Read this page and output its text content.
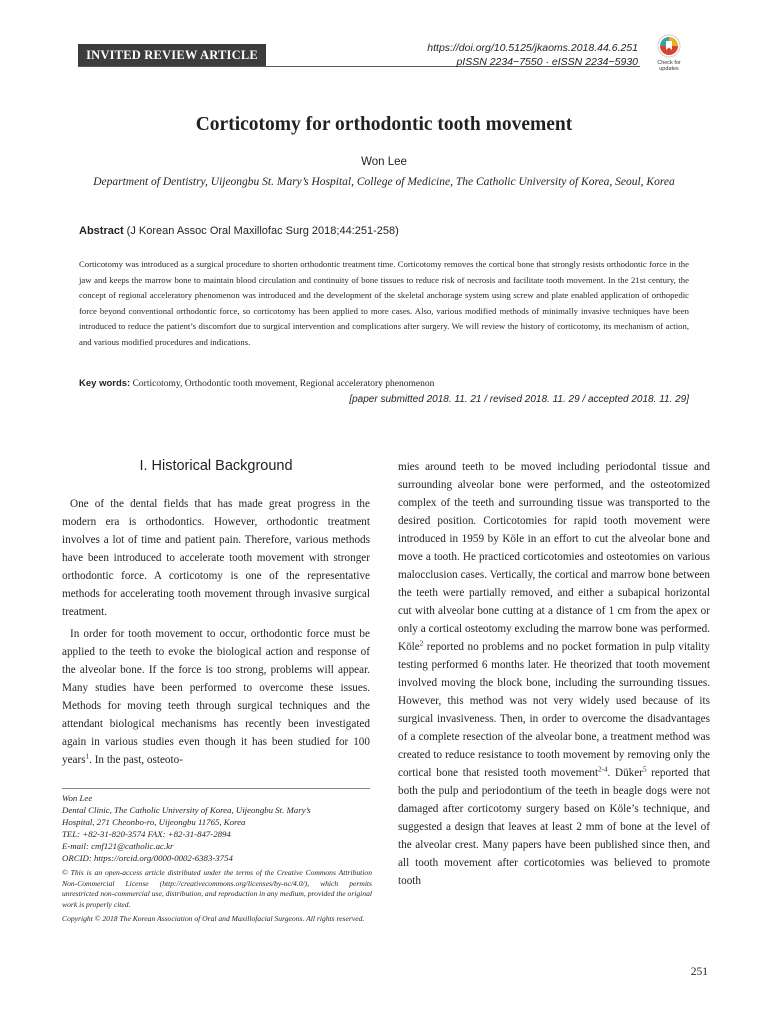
INVITED REVIEW ARTICLE	https://doi.org/10.5125/jkaoms.2018.44.6.251
pISSN 2234−7550 · eISSN 2234−5930	Check for
updates
Corticotomy for orthodontic tooth movement
Won Lee
Department of Dentistry, Uijeongbu St. Mary’s Hospital, College of Medicine, The Catholic University of Korea, Seoul, Korea
Abstract (J Korean Assoc Oral Maxillofac Surg 2018;44:251-258)
Corticotomy was introduced as a surgical procedure to shorten orthodontic treatment time. Corticotomy removes the cortical bone that strongly resists orthodontic force in the jaw and keeps the marrow bone to maintain blood circulation and continuity of bone tissues to reduce risk of necrosis and facilitate tooth movement. In the 21st century, the concept of regional acceleratory phenomenon was introduced and the development of the skeletal anchorage system using screw and plate enabled application of orthopedic force beyond conventional orthodontic force, so corticotomy has been applied to more cases. Also, various modified methods of minimally invasive techniques have been introduced to reduce the patient’s discomfort due to surgical intervention and complications after surgery. We will review the history of corticotomy, its mechanism of action, and various modified procedures and indications.
Key words: Corticotomy, Orthodontic tooth movement, Regional acceleratory phenomenon
[paper submitted 2018. 11. 21 / revised 2018. 11. 29 / accepted 2018. 11. 29]
I. Historical Background

One of the dental fields that has made great progress in the modern era is orthodontics. However, orthodontic treatment involves a lot of time and patient pain. Therefore, various methods have been introduced to accelerate tooth movement with stronger orthodontic force. A corticotomy is one of the representative methods for accelerating tooth movement through invasive surgical treatment.

In order for tooth movement to occur, orthodontic force must be applied to the teeth to evoke the biological action and response of the alveolar bone. If the force is too strong, problems will appear. Many studies have been performed to overcome these issues. Methods for moving teeth through surgical techniques and the attendant biological mechanisms has recently been investigated again in various studies even though it has been studied for 100 years$^1$. In the past, osteoto-

mies around teeth to be moved including periodontal tissue and surrounding alveolar bone were performed, and the osteotomized complex of the teeth and surrounding tissue was transported to the desired position. Corticotomies for rapid tooth movement were introduced in 1959 by Köle in an effort to cut the alveolar bone and move a tooth. He practiced corticotomies and osteotomies on various malocclusion cases. Vertically, the cortical and marrow bone between the teeth were partially removed, and either a subapical horizontal cut with alveolar bone cutting at a distance of 1 cm from the apex or only a cortical osteotomy excluding the marrow bone was performed. Köle$^2$ reported no problems and no pocket formation in pulp vitality testing performed 6 months later. He theorized that tooth movement involved moving the block bone, including the surrounding tissues. However, this method was not very widely used because of its surgical invasiveness. Then, in order to overcome the disadvantages of a complete resection of the alveolar bone, a treatment method was created to reduce resistance to tooth movement by removing only the cortical bone that resisted tooth movement$^{2-4}$. Düker$^5$ reported that both the pulp and periodontium of the teeth in beagle dogs were not damaged after corticotomy surgery based on Köle’s technique, and suggested a design that leaves at least 2 mm of bone at the level of the alveolar crest. Many papers have been published since then, and all tooth movement after corticotomies was believed to promote tooth

Won Lee
Dental Clinic, The Catholic University of Korea, Uijeongbu St. Mary’s
Hospital, 271 Cheonbo-ro, Uijeongbu 11765, Korea
TEL: +82-31-820-3574 FAX: +82-31-847-2894
E-mail: cmf121@catholic.ac.kr
ORCID: https://orcid.org/0000-0002-6383-3754
© This is an open-access article distributed under the terms of the Creative Commons Attribution Non-Commercial License (http://creativecommons.org/licenses/by-nc/4.0/), which permits unrestricted non-commercial use, distribution, and reproduction in any medium, provided the original work is properly cited.
Copyright © 2018 The Korean Association of Oral and Maxillofacial Surgeons. All rights reserved.
251
